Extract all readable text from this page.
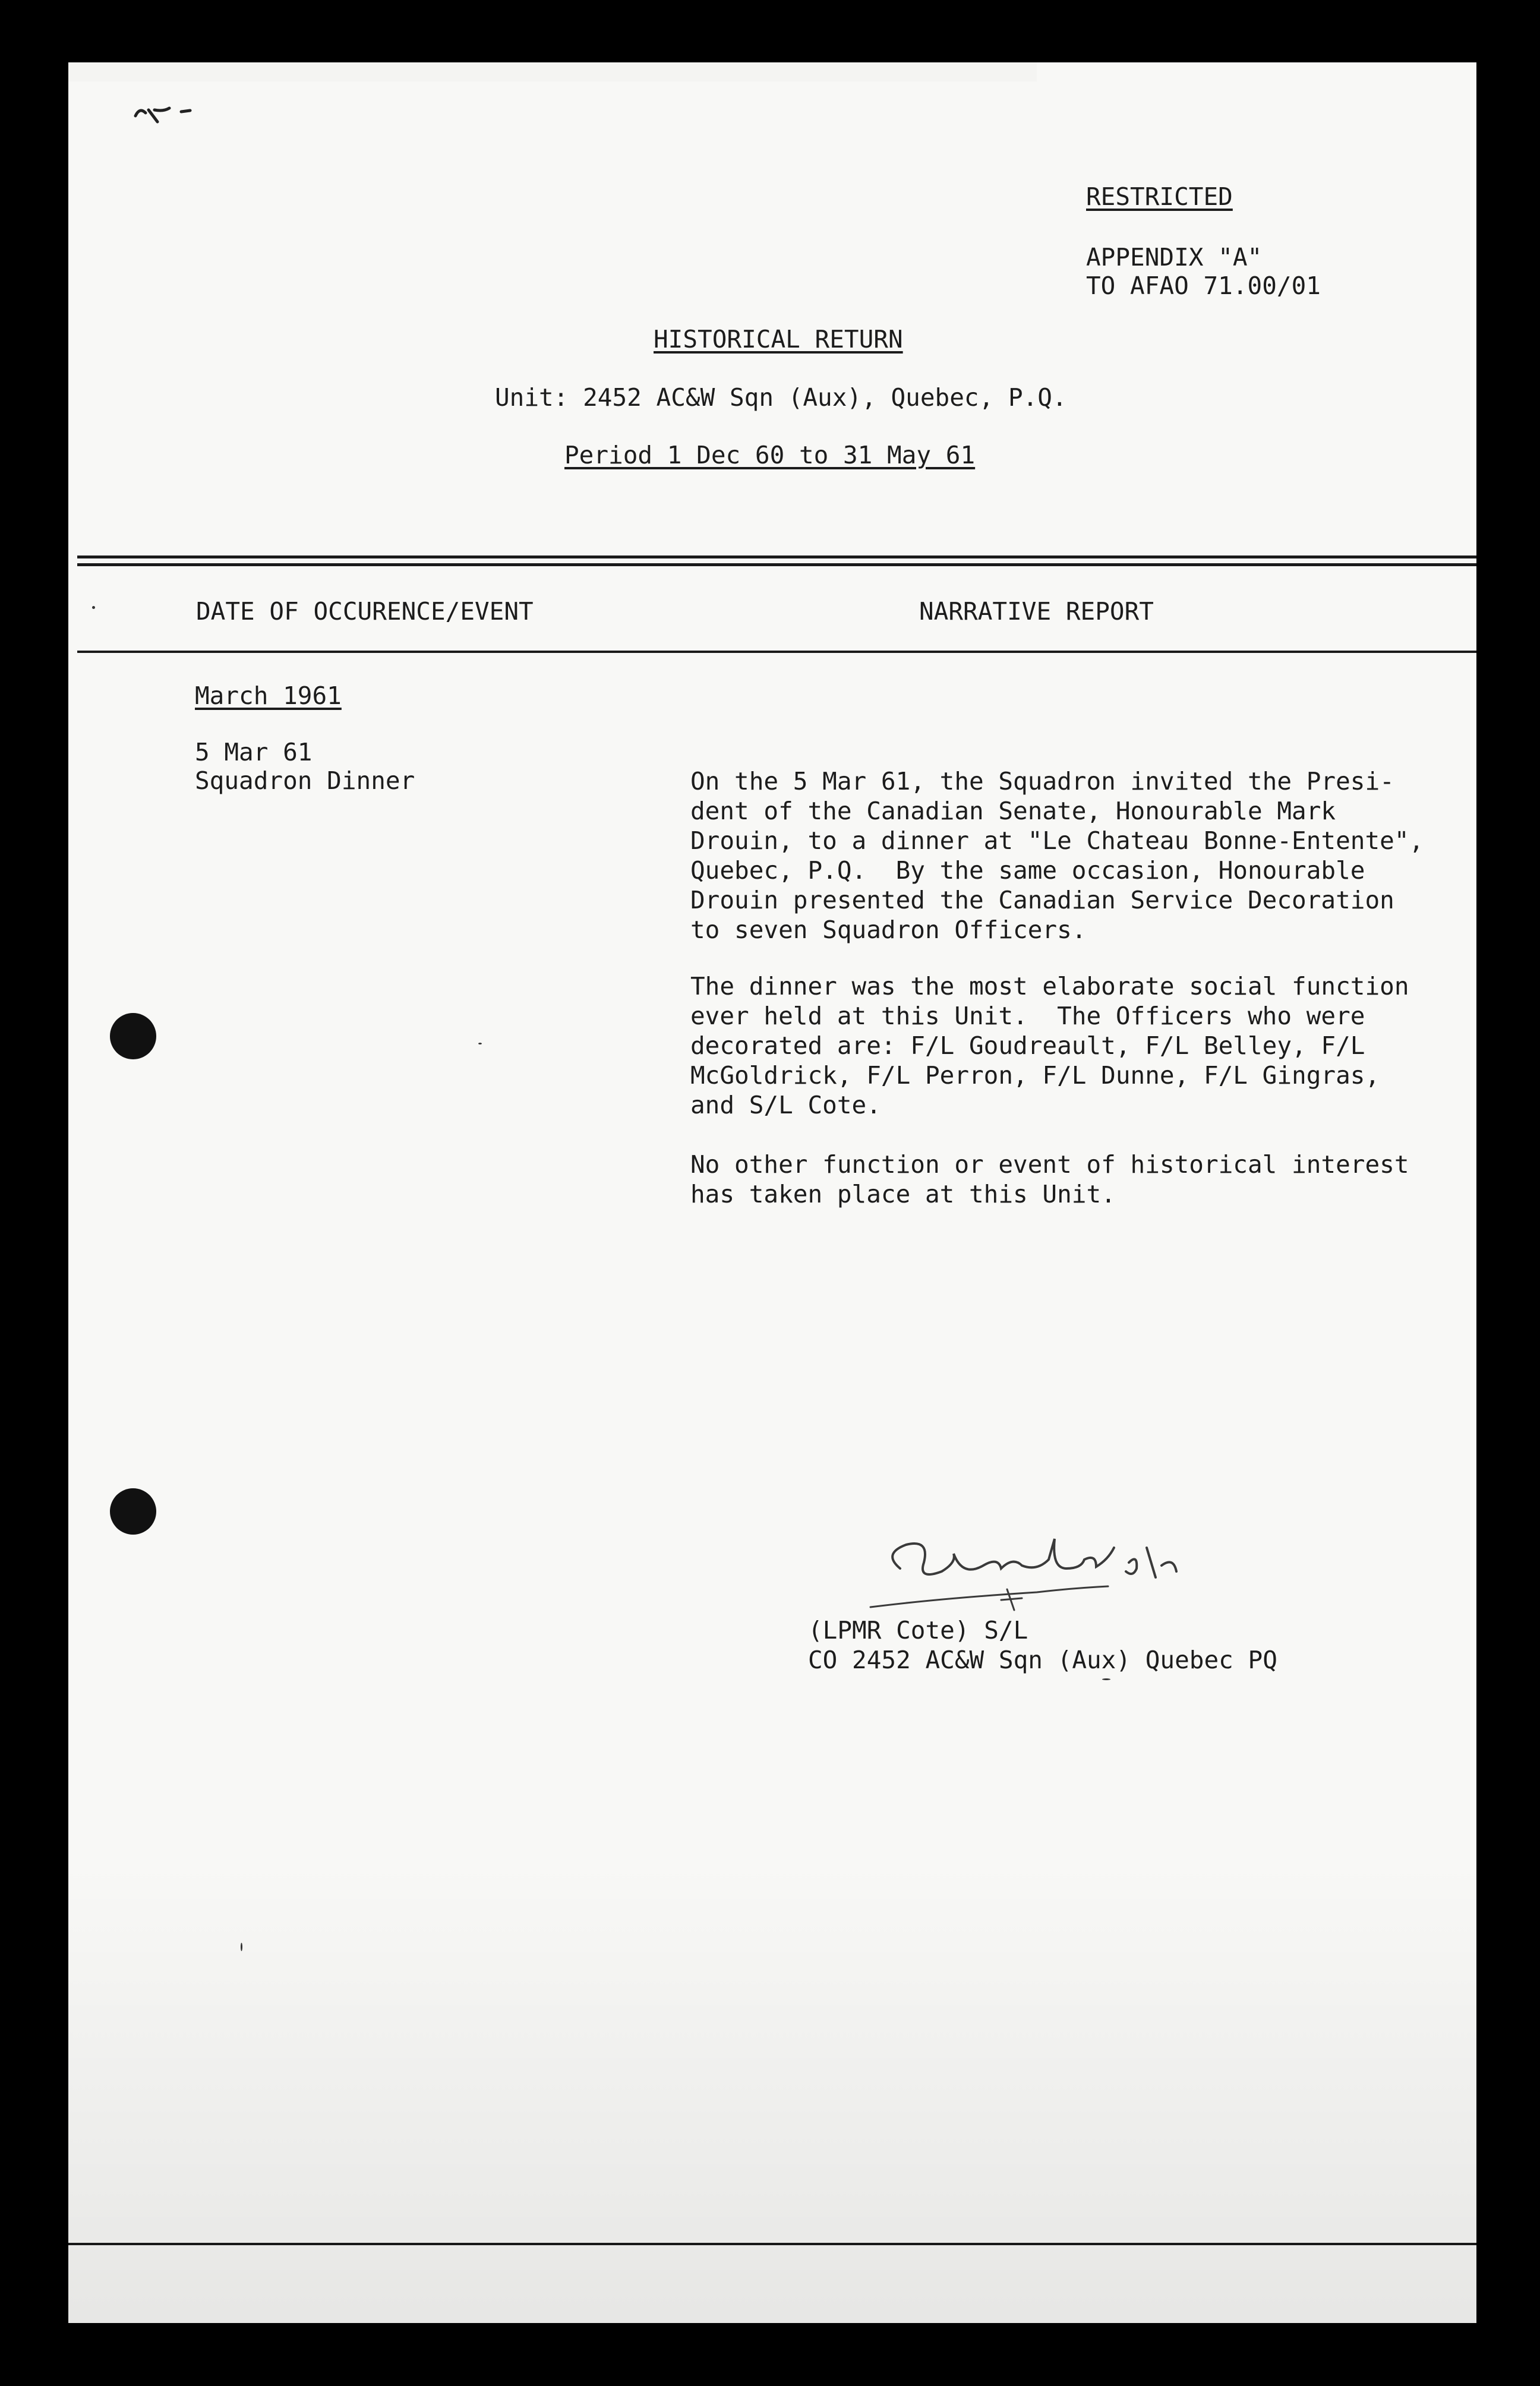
RESTRICTED

APPENDIX "A"

TO AFAO 71.00/01

HISTORICAL RETURN

Unit: 2452 AC&W Sqn (Aux), Quebec, P.Q.

Period 1 Dec 60 to 31 May 61

DATE OF OCCURENCE/EVENT	NARRATIVE REPORT

March 1961

5 Mar 61

Squadron Dinner	On the 5 Mar 61, the Squadron invited the Presi-
dent of the Canadian Senate, Honourable Mark
Drouin, to a dinner at "Le Chateau Bonne-Entente",
Quebec, P.Q.  By the same occasion, Honourable
Drouin presented the Canadian Service Decoration
to seven Squadron Officers.

The dinner was the most elaborate social function
ever held at this Unit.  The Officers who were
decorated are: F/L Goudreault, F/L Belley, F/L
McGoldrick, F/L Perron, F/L Dunne, F/L Gingras,
and S/L Cote.

No other function or event of historical interest
has taken place at this Unit.

(LPMR Cote) S/L

CO 2452 AC&W Sqn (Aux) Quebec PQ
